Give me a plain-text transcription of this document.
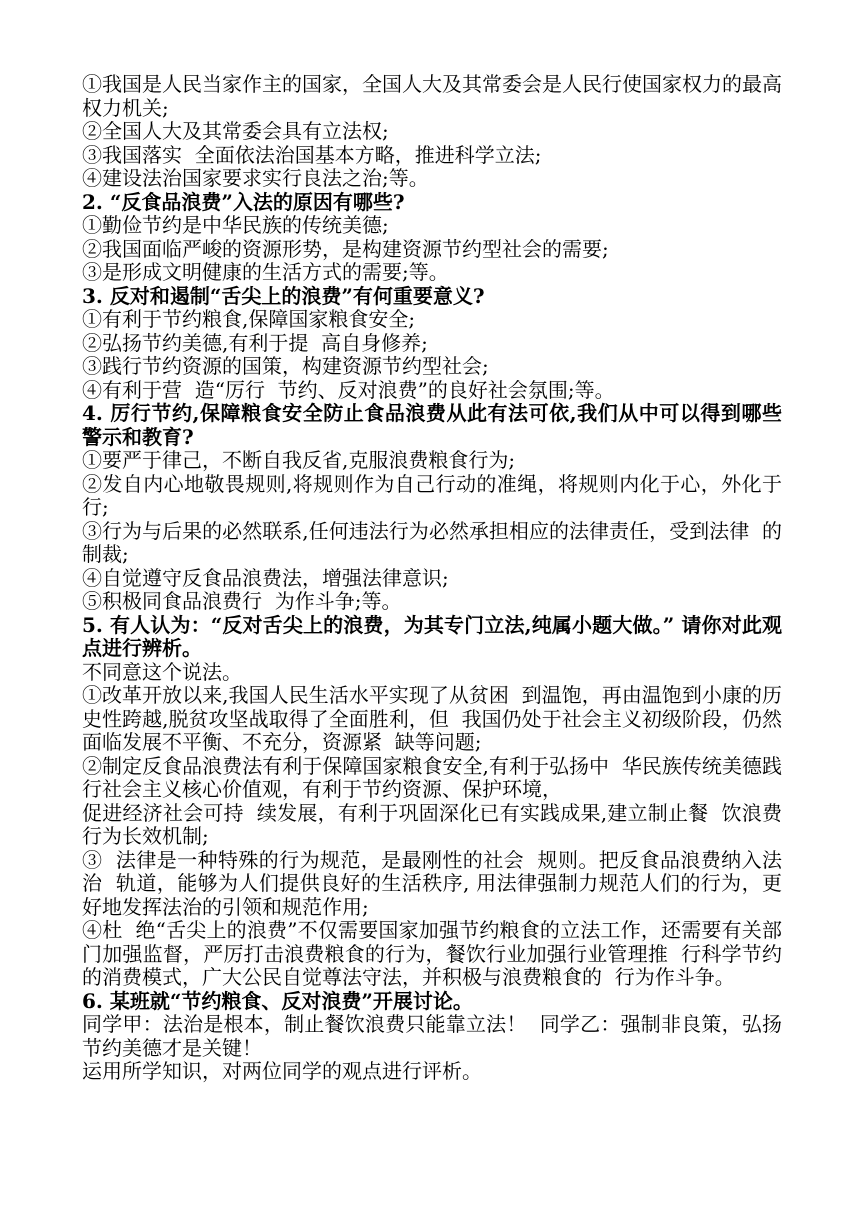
①我国是人民当家作主的国家，全国人大及其常委会是人民行使国家权力的最高权力机关;

②全国人大及其常委会具有立法权;

③我国落实  全面依法治国基本方略，推进科学立法;

④建设法治国家要求实行良法之治;等。

2. “反食品浪费”入法的原因有哪些?

①勤俭节约是中华民族的传统美德;

②我国面临严峻的资源形势，是构建资源节约型社会的需要;

③是形成文明健康的生活方式的需要;等。

3. 反对和遏制“舌尖上的浪费”有何重要意义?

①有利于节约粮食,保障国家粮食安全;

②弘扬节约美德,有利于提  高自身修养;

③践行节约资源的国策，构建资源节约型社会;

④有利于营  造“厉行  节约、反对浪费”的良好社会氛围;等。

4. 厉行节约,保障粮食安全防止食品浪费从此有法可依,我们从中可以得到哪些警示和教育?

①要严于律己，不断自我反省,克服浪费粮食行为;

②发自内心地敬畏规则,将规则作为自己行动的准绳，将规则内化于心，外化于行;

③行为与后果的必然联系,任何违法行为必然承担相应的法律责任，受到法律  的制裁;

④自觉遵守反食品浪费法，增强法律意识;

⑤积极同食品浪费行  为作斗争;等。

5. 有人认为：“反对舌尖上的浪费，为其专门立法,纯属小题大做。” 请你对此观点进行辨析。

不同意这个说法。

①改革开放以来,我国人民生活水平实现了从贫困  到温饱，再由温饱到小康的历史性跨越,脱贫攻坚战取得了全面胜利，但  我国仍处于社会主义初级阶段，仍然面临发展不平衡、不充分，资源紧  缺等问题;

②制定反食品浪费法有利于保障国家粮食安全,有利于弘扬中  华民族传统美德践行社会主义核心价值观，有利于节约资源、保护环境，

促进经济社会可持  续发展，有利于巩固深化已有实践成果,建立制止餐  饮浪费行为长效机制;

③  法律是一种特殊的行为规范，是最刚性的社会  规则。把反食品浪费纳入法治  轨道，能够为人们提供良好的生活秩序, 用法律强制力规范人们的行为，更好地发挥法治的引领和规范作用;

④杜  绝“舌尖上的浪费”不仅需要国家加强节约粮食的立法工作，还需要有关部门加强监督，严厉打击浪费粮食的行为，餐饮行业加强行业管理推  行科学节约的消费模式，广大公民自觉尊法守法，并积极与浪费粮食的  行为作斗争。

6. 某班就“节约粮食、反对浪费”开展讨论。

同学甲：法治是根本，制止餐饮浪费只能靠立法！  同学乙：强制非良策，弘扬节约美德才是关键！

运用所学知识，对两位同学的观点进行评析。
